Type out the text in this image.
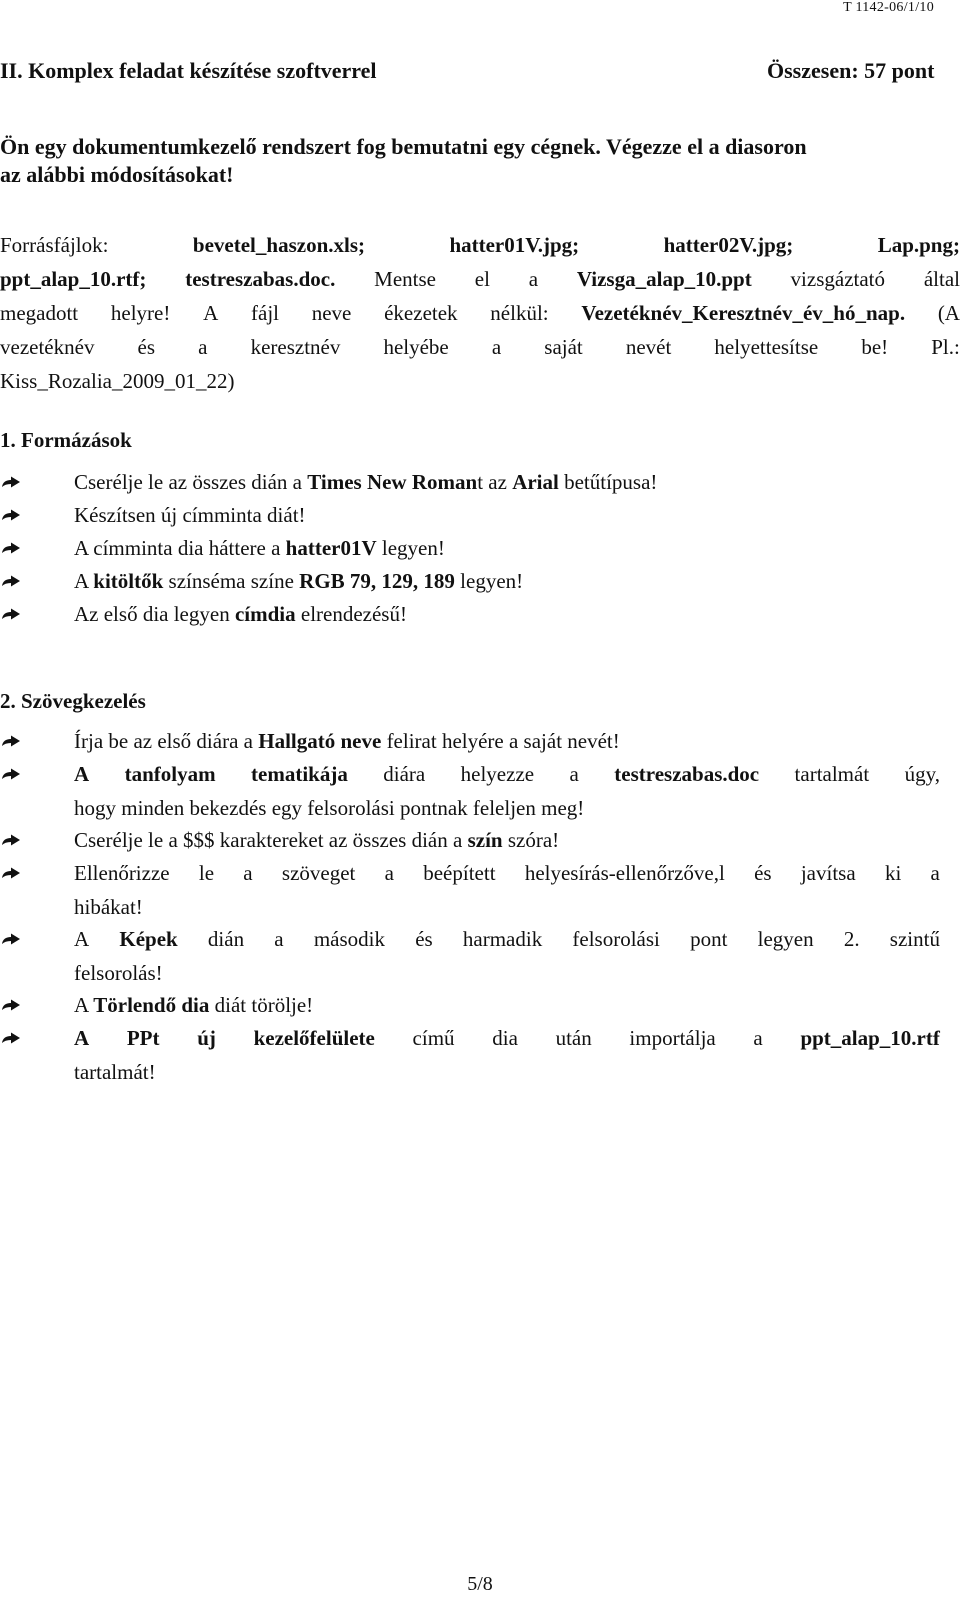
T 1142-06/1/10
II. Komplex feladat készítése szoftverrel	Összesen: 57 pont
Ön egy dokumentumkezelő rendszert fog bemutatni egy cégnek. Végezze el a diasoron
az alábbi módosításokat!
Forrásfájlok:	bevetel_haszon.xls;	hatter01V.jpg;	hatter02V.jpg;	Lap.png;
ppt_alap_10.rtf; testreszabas.doc. Mentse el a Vizsga_alap_10.ppt vizsgáztató által
megadott helyre! A fájl neve ékezetek nélkül: Vezetéknév_Keresztnév_év_hó_nap. (A
vezetéknév és a keresztnév helyébe a saját nevét helyettesítse be! Pl.:
Kiss_Rozalia_2009_01_22)
1. Formázások
Cserélje le az összes dián a Times New Romant az Arial betűtípusa!
Készítsen új címminta diát!
A címminta dia háttere a hatter01V legyen!
A kitöltők színséma színe RGB 79, 129, 189 legyen!
Az első dia legyen címdia elrendezésű!
2. Szövegkezelés
Írja be az első diára a Hallgató neve felirat helyére a saját nevét!
A tanfolyam tematikája diára helyezze a testreszabas.doc tartalmát úgy,
hogy minden bekezdés egy felsorolási pontnak feleljen meg!
Cserélje le a $$$ karaktereket az összes dián a szín szóra!
Ellenőrizze le a szöveget a beépített helyesírás-ellenőrzőve,l és javítsa ki a
hibákat!
A Képek dián a második és harmadik felsorolási pont legyen 2. szintű
felsorolás!
A Törlendő dia diát törölje!
A PPt új kezelőfelülete című dia után importálja a ppt_alap_10.rtf
tartalmát!
5/8
